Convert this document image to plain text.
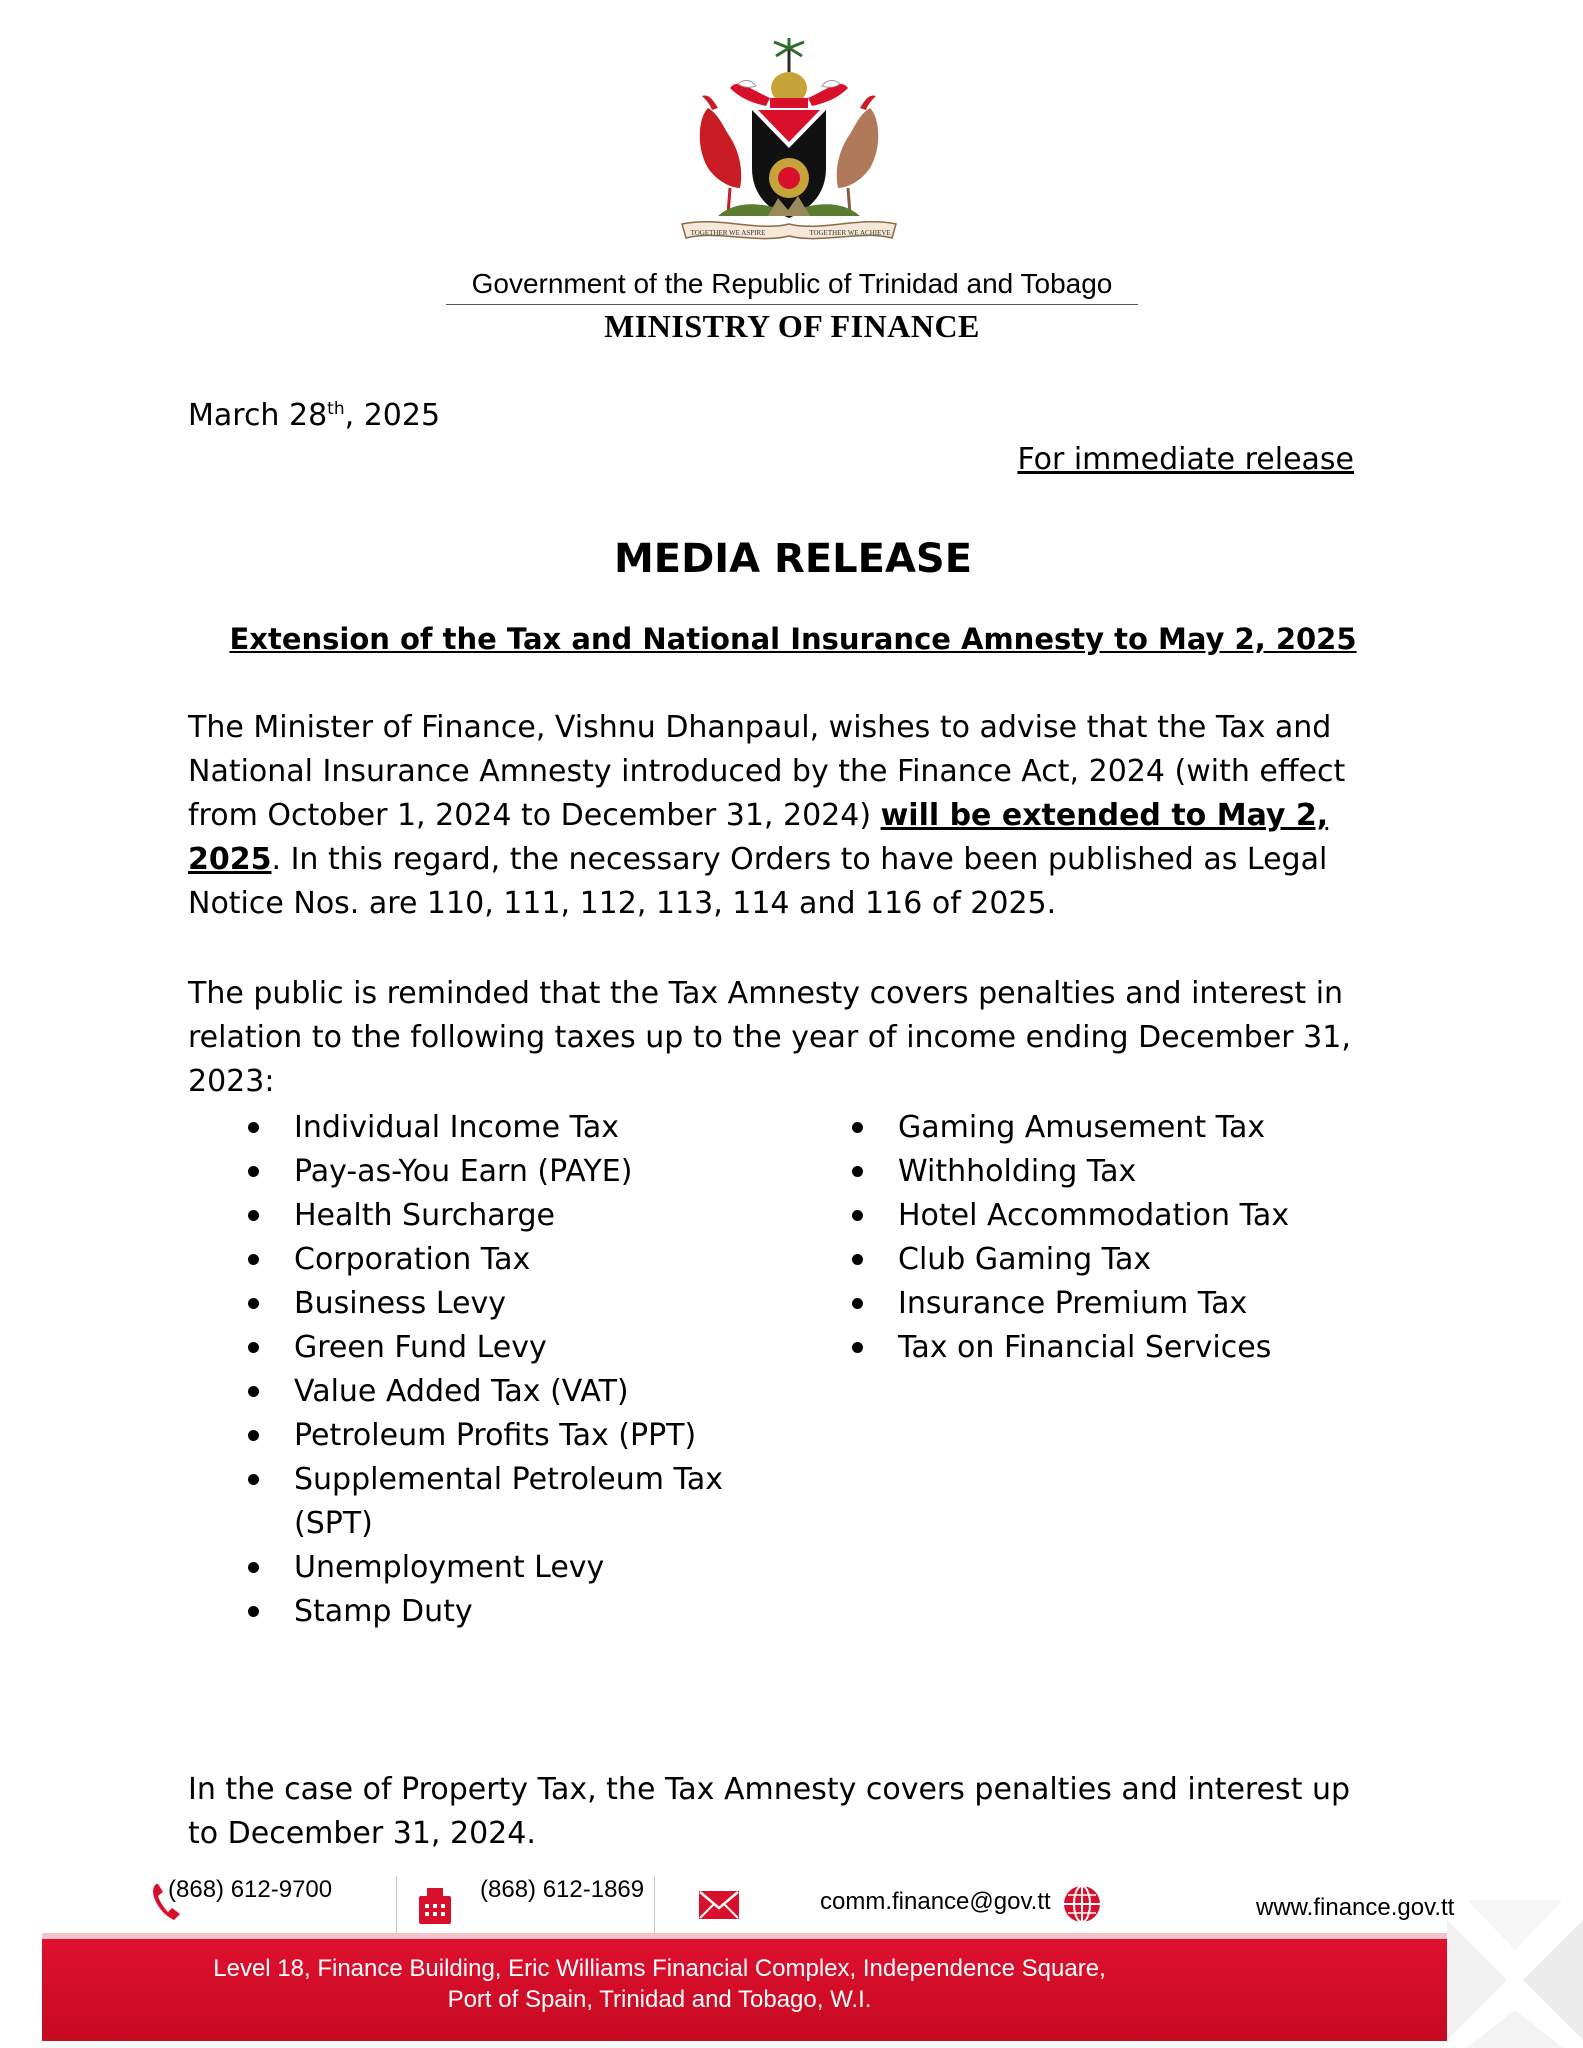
TOGETHER WE ASPIRE	TOGETHER WE ACHIEVE
Government of the Republic of Trinidad and Tobago
MINISTRY OF FINANCE
March 28th, 2025
For immediate release
MEDIA RELEASE
Extension of the Tax and National Insurance Amnesty to May 2, 2025
The Minister of Finance, Vishnu Dhanpaul, wishes to advise that the Tax and National Insurance Amnesty introduced by the Finance Act, 2024 (with effect from October 1, 2024 to December 31, 2024) will be extended to May 2, 2025. In this regard, the necessary Orders to have been published as Legal Notice Nos. are 110, 111, 112, 113, 114 and 116 of 2025.
The public is reminded that the Tax Amnesty covers penalties and interest in relation to the following taxes up to the year of income ending December 31, 2023:
Individual Income Tax
Pay-as-You Earn (PAYE)
Health Surcharge
Corporation Tax
Business Levy
Green Fund Levy
Value Added Tax (VAT)
Petroleum Profits Tax (PPT)
Supplemental Petroleum Tax (SPT)
Unemployment Levy
Stamp Duty
Gaming Amusement Tax
Withholding Tax
Hotel Accommodation Tax
Club Gaming Tax
Insurance Premium Tax
Tax on Financial Services
In the case of Property Tax, the Tax Amnesty covers penalties and interest up to December 31, 2024.
(868) 612-9700	(868) 612-1869	comm.finance@gov.tt	www.finance.gov.tt
Level 18, Finance Building, Eric Williams Financial Complex, Independence Square,
Port of Spain, Trinidad and Tobago, W.I.
